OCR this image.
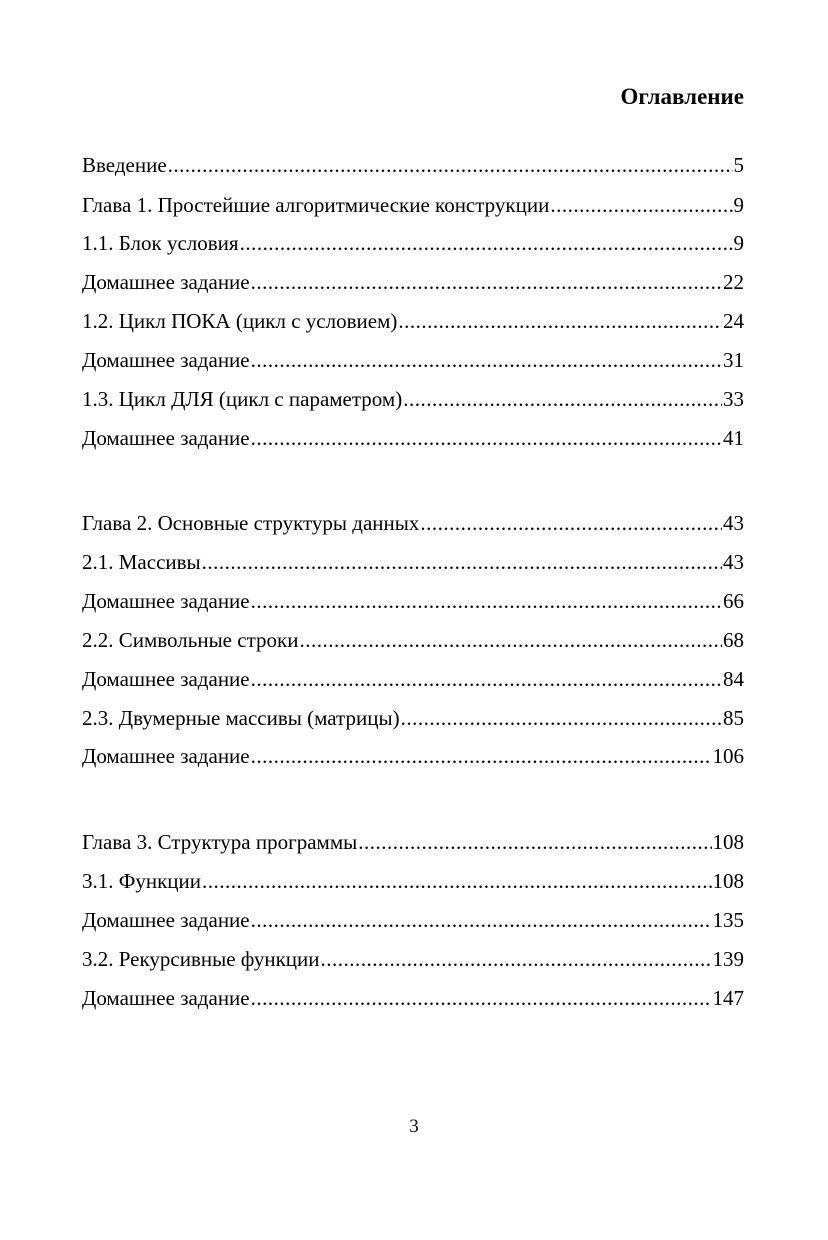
Оглавление
Введение .....	5
Глава 1. Простейшие алгоритмические конструкции .....	9
1.1. Блок условия .....	9
Домашнее задание .....	22
1.2. Цикл ПОКА (цикл с условием) .....	24
Домашнее задание .....	31
1.3. Цикл ДЛЯ (цикл с параметром) .....	33
Домашнее задание .....	41
Глава 2. Основные структуры данных .....	43
2.1. Массивы .....	43
Домашнее задание .....	66
2.2. Символьные строки .....	68
Домашнее задание .....	84
2.3. Двумерные массивы (матрицы) .....	85
Домашнее задание .....	106
Глава 3. Структура программы .....	108
3.1. Функции .....	108
Домашнее задание .....	135
3.2. Рекурсивные функции .....	139
Домашнее задание .....	147
3
